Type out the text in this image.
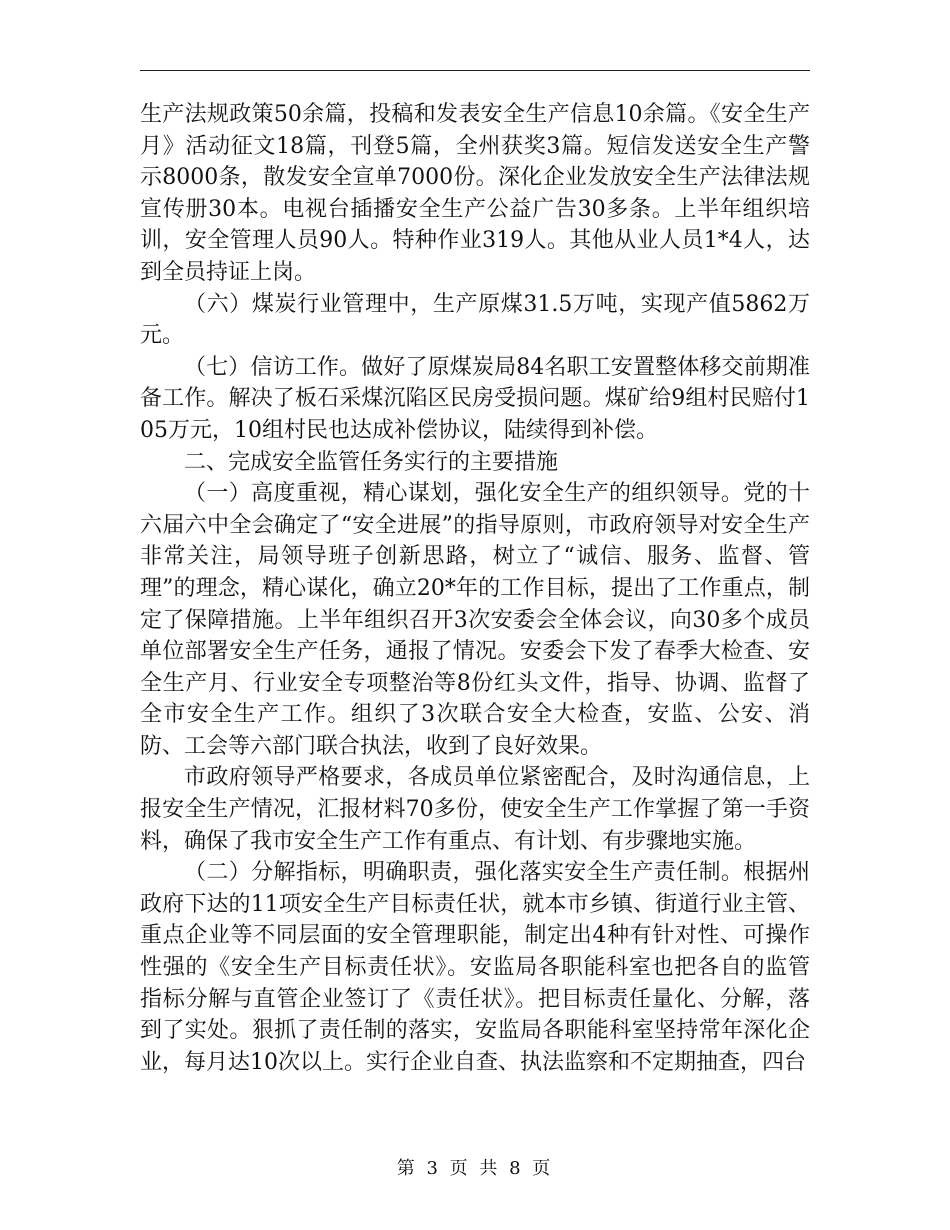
生产法规政策50余篇，投稿和发表安全生产信息10余篇。《安全生产月》活动征文18篇，刊登5篇，全州获奖3篇。短信发送安全生产警示8000条，散发安全宣单7000份。深化企业发放安全生产法律法规宣传册30本。电视台插播安全生产公益广告30多条。上半年组织培训，安全管理人员90人。特种作业319人。其他从业人员1*4人，达到全员持证上岗。

（六）煤炭行业管理中，生产原煤31.5万吨，实现产值5862万元。

（七）信访工作。做好了原煤炭局84名职工安置整体移交前期准备工作。解决了板石采煤沉陷区民房受损问题。煤矿给9组村民赔付105万元，10组村民也达成补偿协议，陆续得到补偿。

二、完成安全监管任务实行的主要措施

（一）高度重视，精心谋划，强化安全生产的组织领导。党的十六届六中全会确定了“安全进展”的指导原则，市政府领导对安全生产非常关注，局领导班子创新思路，树立了“诚信、服务、监督、管理”的理念，精心谋化，确立20*年的工作目标，提出了工作重点，制定了保障措施。上半年组织召开3次安委会全体会议，向30多个成员单位部署安全生产任务，通报了情况。安委会下发了春季大检查、安全生产月、行业安全专项整治等8份红头文件，指导、协调、监督了全市安全生产工作。组织了3次联合安全大检查，安监、公安、消防、工会等六部门联合执法，收到了良好效果。

市政府领导严格要求，各成员单位紧密配合，及时沟通信息，上报安全生产情况，汇报材料70多份，使安全生产工作掌握了第一手资料，确保了我市安全生产工作有重点、有计划、有步骤地实施。

（二）分解指标，明确职责，强化落实安全生产责任制。根据州政府下达的11项安全生产目标责任状，就本市乡镇、街道行业主管、重点企业等不同层面的安全管理职能，制定出4种有针对性、可操作性强的《安全生产目标责任状》。安监局各职能科室也把各自的监管指标分解与直管企业签订了《责任状》。把目标责任量化、分解，落到了实处。狠抓了责任制的落实，安监局各职能科室坚持常年深化企业，每月达10次以上。实行企业自查、执法监察和不定期抽查，四台

第 3 页 共 8 页
